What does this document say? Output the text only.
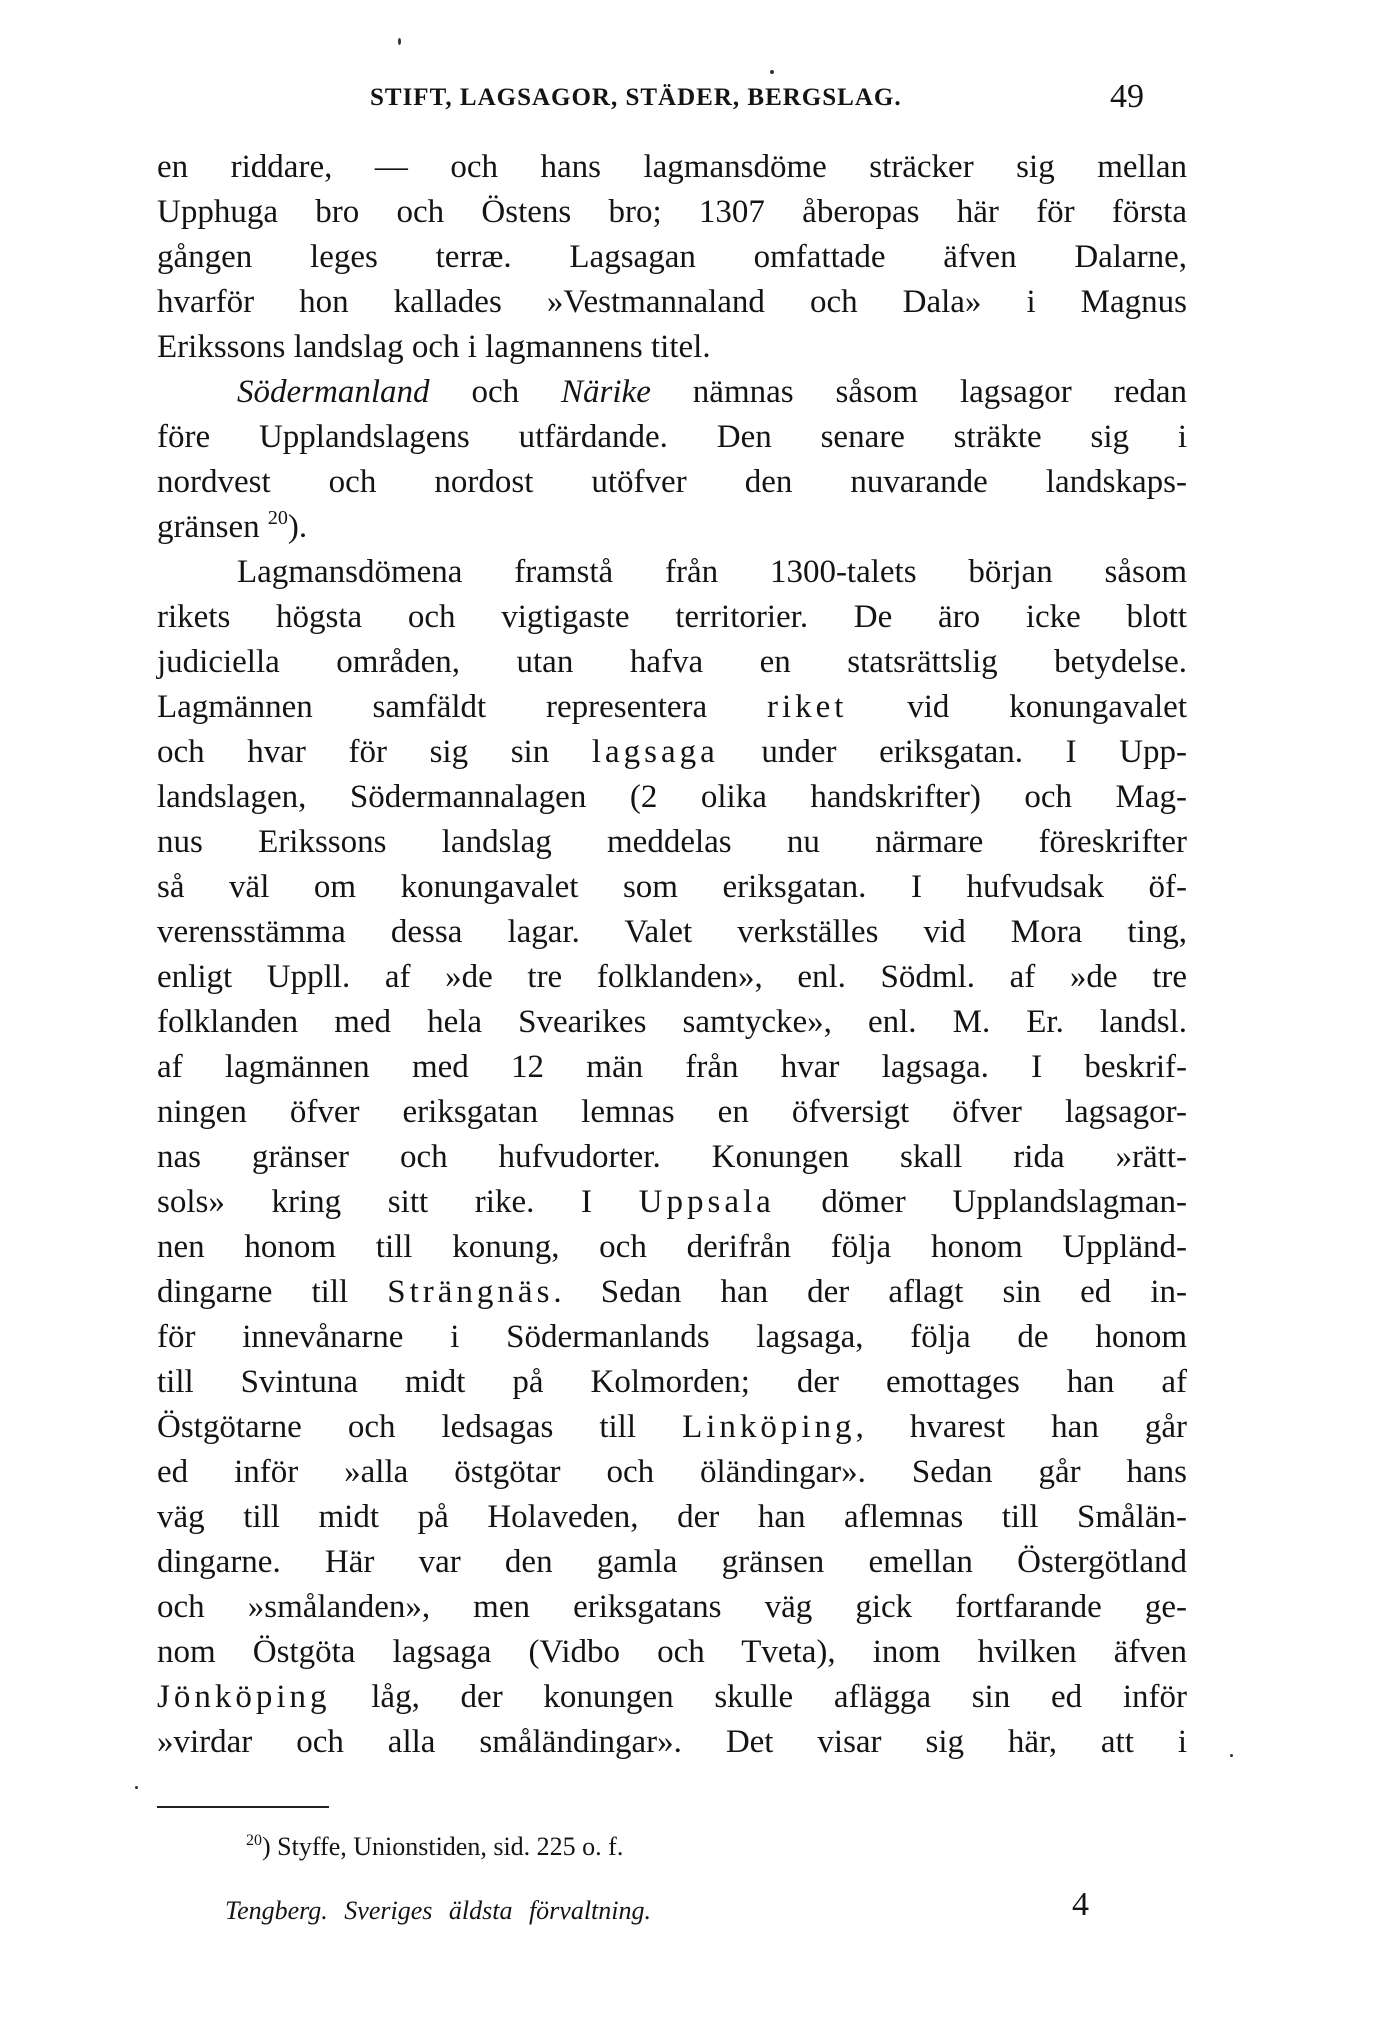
STIFT, LAGSAGOR, STÄDER, BERGSLAG.	49
en riddare, — och hans lagmansdöme sträcker sig mellan
Upphuga bro och Östens bro; 1307 åberopas här för första
gången leges terræ. Lagsagan omfattade äfven Dalarne,
hvarför hon kallades »Vestmannaland och Dala» i Magnus
Erikssons landslag och i lagmannens titel.
Södermanland och Närike nämnas såsom lagsagor redan
före Upplandslagens utfärdande. Den senare sträkte sig i
nordvest och nordost utöfver den nuvarande landskaps-
gränsen $^{20}$).
Lagmansdömena framstå från 1300-talets början såsom
rikets högsta och vigtigaste territorier. De äro icke blott
judiciella områden, utan hafva en statsrättslig betydelse.
Lagmännen samfäldt representera riket vid konungavalet
och hvar för sig sin lagsaga under eriksgatan. I Upp-
landslagen, Södermannalagen (2 olika handskrifter) och Mag-
nus Erikssons landslag meddelas nu närmare föreskrifter
så väl om konungavalet som eriksgatan. I hufvudsak öf-
verensstämma dessa lagar. Valet verkställes vid Mora ting,
enligt Uppll. af »de tre folklanden», enl. Södml. af »de tre
folklanden med hela Svearikes samtycke», enl. M. Er. landsl.
af lagmännen med 12 män från hvar lagsaga. I beskrif-
ningen öfver eriksgatan lemnas en öfversigt öfver lagsagor-
nas gränser och hufvudorter. Konungen skall rida »rätt-
sols» kring sitt rike. I Uppsala dömer Upplandslagman-
nen honom till konung, och derifrån följa honom Uppländ-
dingarne till Strängnäs. Sedan han der aflagt sin ed in-
för innevånarne i Södermanlands lagsaga, följa de honom
till Svintuna midt på Kolmorden; der emottages han af
Östgötarne och ledsagas till Linköping, hvarest han går
ed inför »alla östgötar och öländingar». Sedan går hans
väg till midt på Holaveden, der han aflemnas till Smålän-
dingarne. Här var den gamla gränsen emellan Östergötland
och »smålanden», men eriksgatans väg gick fortfarande ge-
nom Östgöta lagsaga (Vidbo och Tveta), inom hvilken äfven
Jönköping låg, der konungen skulle aflägga sin ed inför
»virdar och alla småländingar». Det visar sig här, att i
$^{20}$) Styffe, Unionstiden, sid. 225 o. f.
Tengberg. Sveriges äldsta förvaltning.	4
